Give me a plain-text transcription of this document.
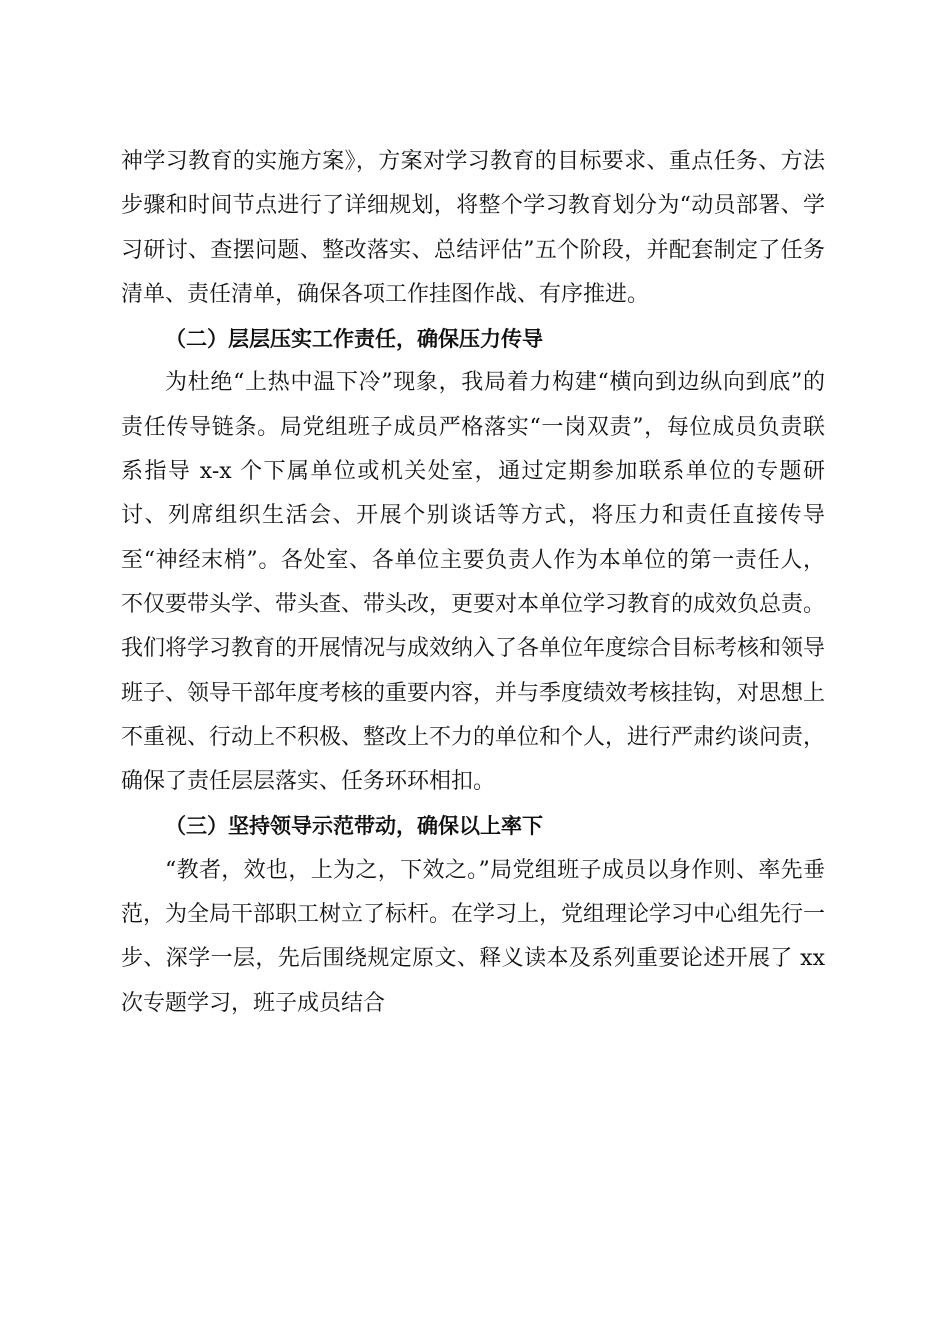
神学习教育的实施方案》，方案对学习教育的目标要求、重点任务、方法步骤和时间节点进行了详细规划，将整个学习教育划分为“动员部署、学习研讨、查摆问题、整改落实、总结评估”五个阶段，并配套制定了任务清单、责任清单，确保各项工作挂图作战、有序推进。

（二）层层压实工作责任，确保压力传导

为杜绝“上热中温下冷”现象，我局着力构建“横向到边纵向到底”的责任传导链条。局党组班子成员严格落实“一岗双责”，每位成员负责联系指导 x-x 个下属单位或机关处室，通过定期参加联系单位的专题研讨、列席组织生活会、开展个别谈话等方式，将压力和责任直接传导至“神经末梢”。各处室、各单位主要负责人作为本单位的第一责任人，不仅要带头学、带头查、带头改，更要对本单位学习教育的成效负总责。我们将学习教育的开展情况与成效纳入了各单位年度综合目标考核和领导班子、领导干部年度考核的重要内容，并与季度绩效考核挂钩，对思想上不重视、行动上不积极、整改上不力的单位和个人，进行严肃约谈问责，确保了责任层层落实、任务环环相扣。

（三）坚持领导示范带动，确保以上率下

“教者，效也，上为之，下效之。”局党组班子成员以身作则、率先垂范，为全局干部职工树立了标杆。在学习上，党组理论学习中心组先行一步、深学一层，先后围绕规定原文、释义读本及系列重要论述开展了 xx 次专题学习，班子成员结合
